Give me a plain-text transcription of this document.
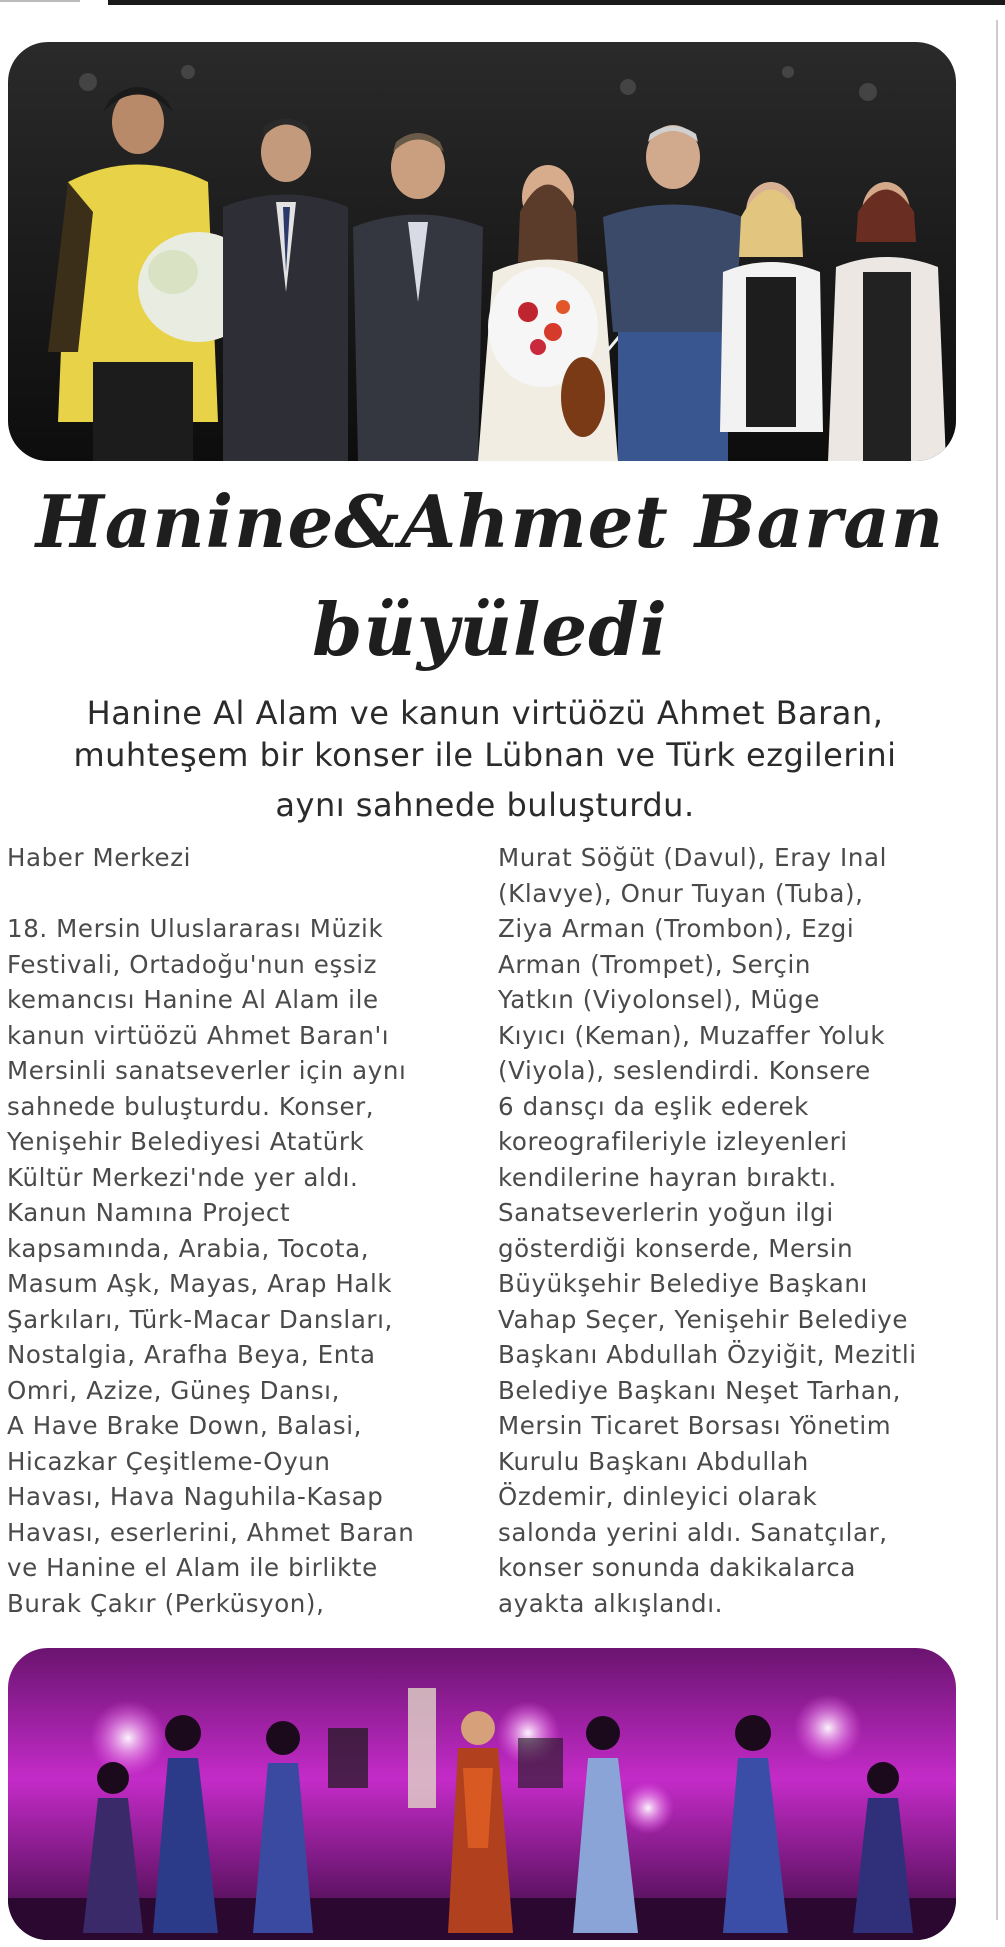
Hanine&Ahmet Baran
büyüledi
Hanine Al Alam ve kanun virtüözü Ahmet Baran,
muhteşem bir konser ile Lübnan ve Türk ezgilerini
aynı sahnede buluşturdu.
Haber Merkezi
18. Mersin Uluslararası Müzik
Festivali, Ortadoğu'nun eşsiz
kemancısı Hanine Al Alam ile
kanun virtüözü Ahmet Baran'ı
Mersinli sanatseverler için aynı
sahnede buluşturdu. Konser,
Yenişehir Belediyesi Atatürk
Kültür Merkezi'nde yer aldı.
Kanun Namına Project
kapsamında, Arabia, Tocota,
Masum Aşk, Mayas, Arap Halk
Şarkıları, Türk-Macar Dansları,
Nostalgia, Arafha Beya, Enta
Omri, Azize, Güneş Dansı,
A Have Brake Down, Balasi,
Hicazkar Çeşitleme-Oyun
Havası, Hava Naguhila-Kasap
Havası, eserlerini, Ahmet Baran
ve Hanine el Alam ile birlikte
Burak Çakır (Perküsyon),
Murat Söğüt (Davul), Eray Inal
(Klavye), Onur Tuyan (Tuba),
Ziya Arman (Trombon), Ezgi
Arman (Trompet), Serçin
Yatkın (Viyolonsel), Müge
Kıyıcı (Keman), Muzaffer Yoluk
(Viyola), seslendirdi. Konsere
6 dansçı da eşlik ederek
koreografileriyle izleyenleri
kendilerine hayran bıraktı.
Sanatseverlerin yoğun ilgi
gösterdiği konserde, Mersin
Büyükşehir Belediye Başkanı
Vahap Seçer, Yenişehir Belediye
Başkanı Abdullah Özyiğit, Mezitli
Belediye Başkanı Neşet Tarhan,
Mersin Ticaret Borsası Yönetim
Kurulu Başkanı Abdullah
Özdemir, dinleyici olarak
salonda yerini aldı. Sanatçılar,
konser sonunda dakikalarca
ayakta alkışlandı.
